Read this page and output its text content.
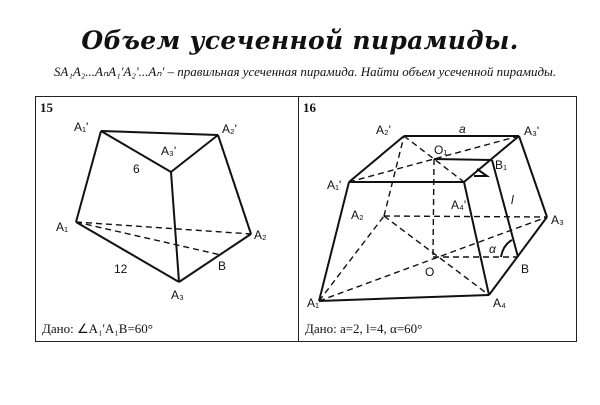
Объем усеченной пирамиды.
SA₁A₂...AₙA₁'A₂'...Aₙ' – правильная усеченная пирамида. Найти объем усеченной пирамиды.
15
A₁'	A₂'
A₃'
A₁
A₂
A₃
B
6
12
Дано: ∠A₁'A₁B=60°
16
A₂'	A₃'
A₁'
A₄'
A₂	A₃
A₁	A₄
O₁
B₁
O	B
a
l
α
Дано: a=2, l=4, α=60°
